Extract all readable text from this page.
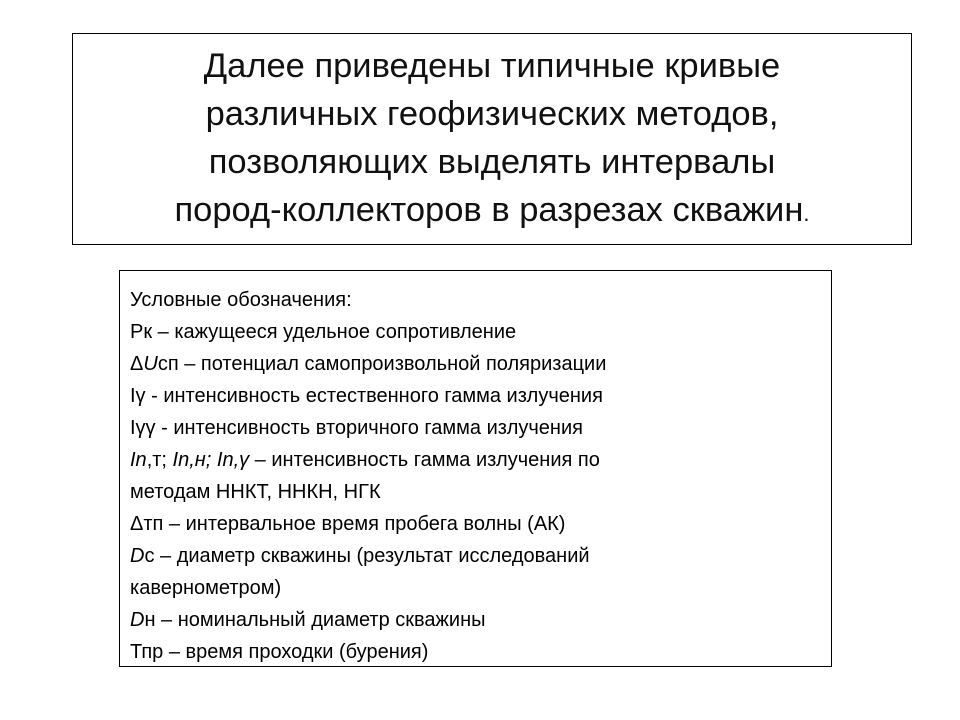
Далее приведены типичные кривые
различных геофизических методов,
позволяющих выделять интервалы
пород-коллекторов в разрезах скважин.
Условные обозначения:
Рк – кажущееся удельное сопротивление
ΔUсп – потенциал самопроизвольной поляризации
Iγ - интенсивность естественного гамма излучения
Iγγ - интенсивность вторичного гамма излучения
In,т; In,н; In,γ – интенсивность гамма излучения по
методам ННКТ, ННКН, НГК
Δтп – интервальное время пробега волны (АК)
Dс – диаметр скважины (результат исследований
кавернометром)
Dн – номинальный диаметр скважины
Тпр – время проходки (бурения)
